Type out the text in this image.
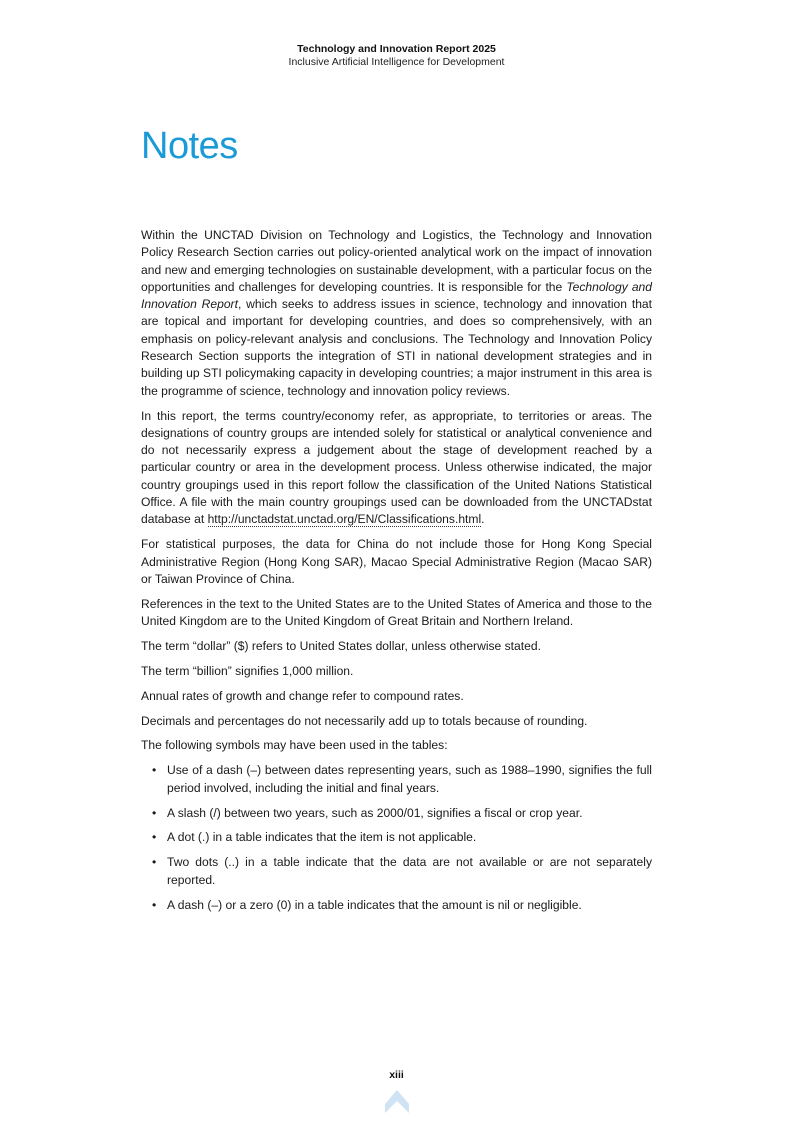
Technology and Innovation Report 2025
Inclusive Artificial Intelligence for Development
Notes

Within the UNCTAD Division on Technology and Logistics, the Technology and Innovation Policy Research Section carries out policy-oriented analytical work on the impact of innovation and new and emerging technologies on sustainable development, with a particular focus on the opportunities and challenges for developing countries. It is responsible for the Technology and Innovation Report, which seeks to address issues in science, technology and innovation that are topical and important for developing countries, and does so comprehensively, with an emphasis on policy-relevant analysis and conclusions. The Technology and Innovation Policy Research Section supports the integration of STI in national development strategies and in building up STI policymaking capacity in developing countries; a major instrument in this area is the programme of science, technology and innovation policy reviews.

In this report, the terms country/economy refer, as appropriate, to territories or areas. The designations of country groups are intended solely for statistical or analytical convenience and do not necessarily express a judgement about the stage of development reached by a particular country or area in the development process. Unless otherwise indicated, the major country groupings used in this report follow the classification of the United Nations Statistical Office. A file with the main country groupings used can be downloaded from the UNCTADstat database at http://unctadstat.unctad.org/EN/Classifications.html.

For statistical purposes, the data for China do not include those for Hong Kong Special Administrative Region (Hong Kong SAR), Macao Special Administrative Region (Macao SAR) or Taiwan Province of China.

References in the text to the United States are to the United States of America and those to the United Kingdom are to the United Kingdom of Great Britain and Northern Ireland.

The term “dollar” ($) refers to United States dollar, unless otherwise stated.

The term “billion” signifies 1,000 million.

Annual rates of growth and change refer to compound rates.

Decimals and percentages do not necessarily add up to totals because of rounding.

The following symbols may have been used in the tables:

• Use of a dash (–) between dates representing years, such as 1988–1990, signifies the full period involved, including the initial and final years.
• A slash (/) between two years, such as 2000/01, signifies a fiscal or crop year.
• A dot (.) in a table indicates that the item is not applicable.
• Two dots (..) in a table indicate that the data are not available or are not separately reported.
• A dash (–) or a zero (0) in a table indicates that the amount is nil or negligible.
xiii
